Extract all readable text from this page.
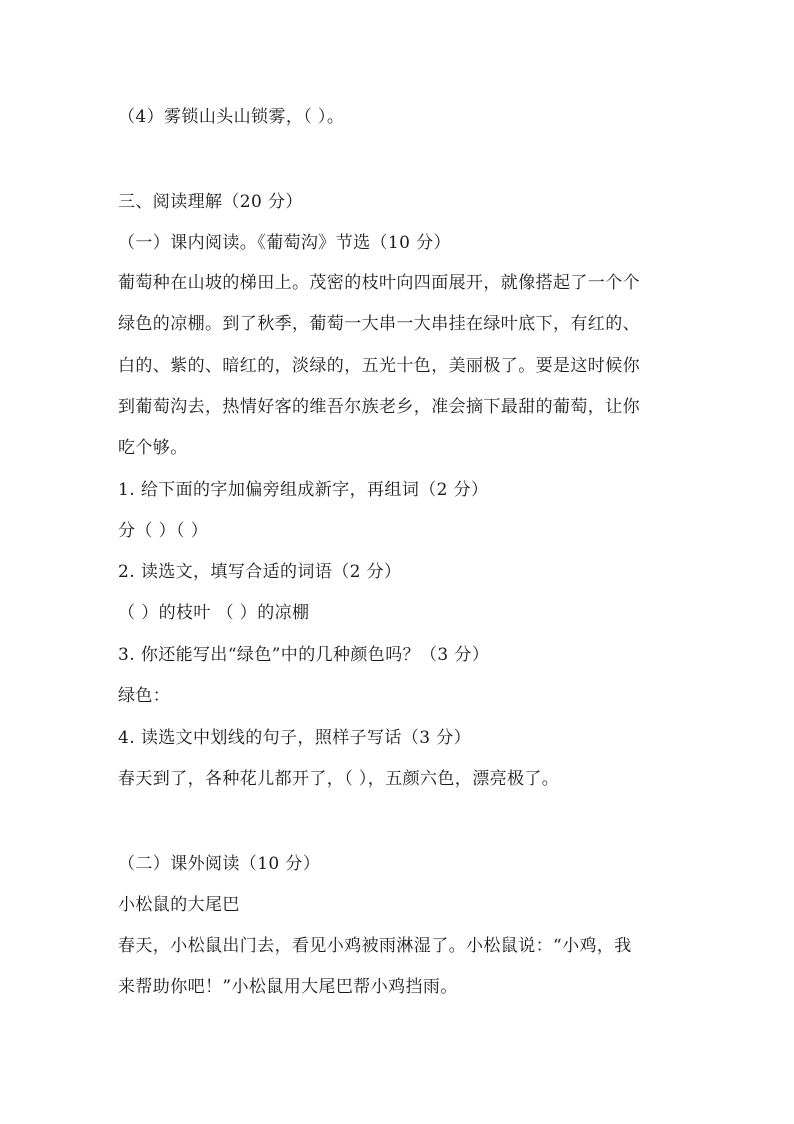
（4）雾锁山头山锁雾，（ ）。
三、阅读理解（20 分）
（一）课内阅读。《葡萄沟》节选（10 分）
葡萄种在山坡的梯田上。茂密的枝叶向四面展开，就像搭起了一个个
绿色的凉棚。到了秋季，葡萄一大串一大串挂在绿叶底下，有红的、
白的、紫的、暗红的，淡绿的，五光十色，美丽极了。要是这时候你
到葡萄沟去，热情好客的维吾尔族老乡，准会摘下最甜的葡萄，让你
吃个够。
1. 给下面的字加偏旁组成新字，再组词（2 分）
分（ ）（ ）
2. 读选文，填写合适的词语（2 分）
（ ）的枝叶 （ ）的凉棚
3. 你还能写出“绿色”中的几种颜色吗？（3 分）
绿色：
4. 读选文中划线的句子，照样子写话（3 分）
春天到了，各种花儿都开了，（ ），五颜六色，漂亮极了。
（二）课外阅读（10 分）
小松鼠的大尾巴
春天，小松鼠出门去，看见小鸡被雨淋湿了。小松鼠说：“小鸡，我
来帮助你吧！”小松鼠用大尾巴帮小鸡挡雨。
